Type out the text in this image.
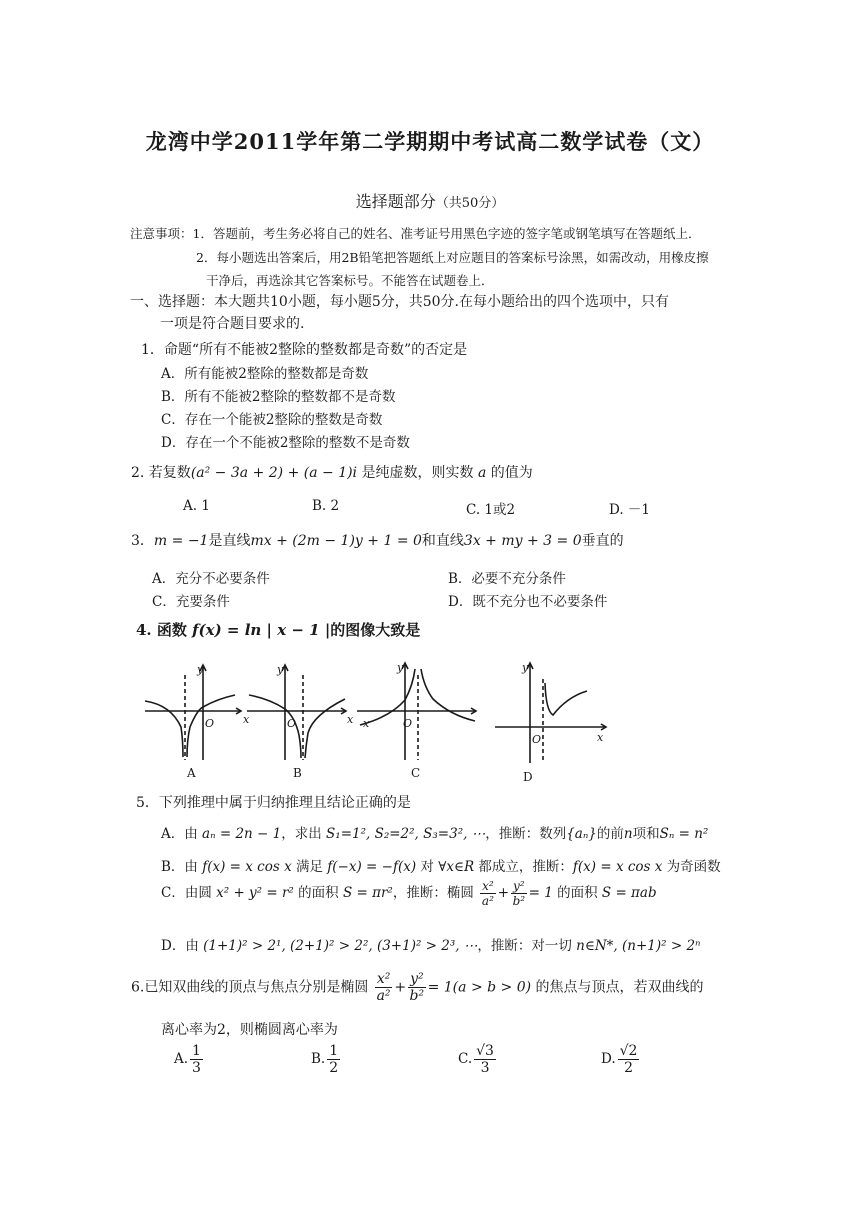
龙湾中学2011学年第二学期期中考试高二数学试卷（文）
选择题部分（共50分）
注意事项：1．答题前，考生务必将自己的姓名、准考证号用黑色字迹的签字笔或钢笔填写在答题纸上．
2．每小题选出答案后，用2B铅笔把答题纸上对应题目的答案标号涂黑，如需改动，用橡皮擦
干净后，再选涂其它答案标号。不能答在试题卷上．
一、选择题：本大题共10小题，每小题5分，共50分.在每小题给出的四个选项中，只有
一项是符合题目要求的.
1．命题“所有不能被2整除的整数都是奇数”的否定是
A．所有能被2整除的整数都是奇数
B．所有不能被2整除的整数都不是奇数
C．存在一个能被2整除的整数是奇数
D．存在一个不能被2整除的整数不是奇数
2. 若复数(a² − 3a + 2) + (a − 1)i 是纯虚数，则实数 a 的值为
A. 1	B. 2	C. 1或2	D. －1
3．m = −1是直线mx + (2m − 1)y + 1 = 0和直线3x + my + 3 = 0垂直的
A．充分不必要条件	B．必要不充分条件
C．充要条件	D．既不充分也不必要条件
4. 函数 f(x) = ln | x − 1 |的图像大致是
y
O	x
y
O	x
y
O
x
y
O	x
A	B	C	D
5．下列推理中属于归纳推理且结论正确的是
A．由 aₙ = 2n − 1，求出 S₁=1², S₂=2², S₃=3², ⋯，推断：数列{aₙ}的前n项和Sₙ = n²
B．由 f(x) = x cos x 满足 f(−x) = −f(x) 对 ∀x∈R 都成立，推断：f(x) = x cos x 为奇函数
C．由圆 x² + y² = r² 的面积 S = πr²，推断：椭圆 $\frac{\text{x²}}{\text{a²}} + \frac{\text{y²}}{\text{b²}} = 1$ 的面积 S = πab
D．由 (1+1)² > 2¹, (2+1)² > 2², (3+1)² > 2³, ⋯，推断：对一切 n∈N*, (n+1)² > 2ⁿ
6.已知双曲线的顶点与焦点分别是椭圆 $\frac{\text{x²}}{\text{a²}} + \frac{\text{y²}}{\text{b²}} = 1(a > b > 0)$ 的焦点与顶点，若双曲线的
离心率为2，则椭圆离心率为
A. $\frac{1}{3}$	B. $\frac{1}{2}$	C. $\frac{√3}{3}$	D. $\frac{√2}{2}$
